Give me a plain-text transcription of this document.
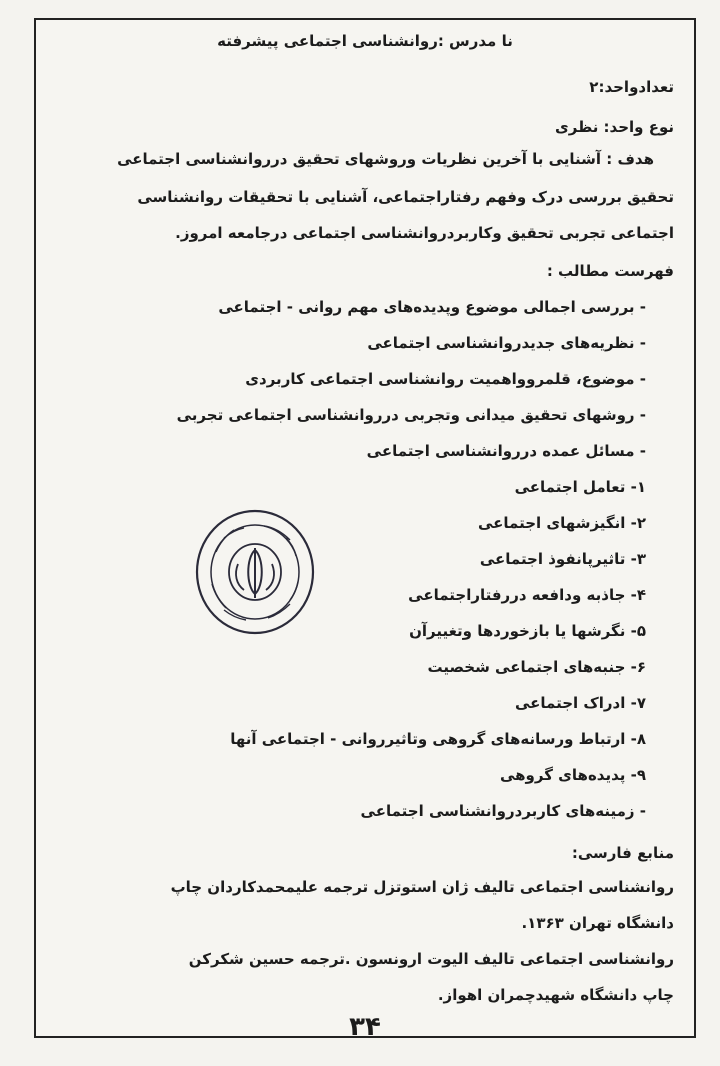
نا مدرس :روانشناسی اجتماعی پیشرفته
تعدادواحد:۲
نوع واحد: نظری
هدف : آشنایی با آخرین نظریات وروشهای تحقیق درروانشناسی اجتماعی
تحقیق بررسی درک وفهم رفتاراجتماعی، آشنایی با تحقیقات روانشناسی
اجتماعی تجربی تحقیق وکاربردروانشناسی اجتماعی درجامعه امروز.
فهرست مطالب :
- بررسی اجمالی موضوع وپدیده‌های مهم روانی - اجتماعی
- نظریه‌های جدیدروانشناسی اجتماعی
- موضوع، قلمروواهمیت روانشناسی اجتماعی کاربردی
- روشهای تحقیق میدانی وتجربی درروانشناسی اجتماعی تجربی
- مسائل عمده درروانشناسی اجتماعی
۱- تعامل اجتماعی
۲- انگیزشهای اجتماعی
۳- تاثیرپانفوذ اجتماعی
۴- جاذبه ودافعه دررفتاراجتماعی
۵- نگرشها یا بازخوردها وتغییرآن
۶- جنبه‌های اجتماعی شخصیت
۷- ادراک اجتماعی
۸- ارتباط ورسانه‌های گروهی وتاثیرروانی - اجتماعی آنها
۹- پدیده‌های گروهی
- زمینه‌های کاربردروانشناسی اجتماعی
منابع فارسی:
روانشناسی اجتماعی تالیف ژان استوتزل ترجمه علیمحمدکاردان چاپ
دانشگاه تهران ۱۳۶۳.
روانشناسی اجتماعی تالیف الیوت ارونسون .ترجمه حسین شکرکن
چاپ دانشگاه شهیدچمران اهواز.
۳۴
